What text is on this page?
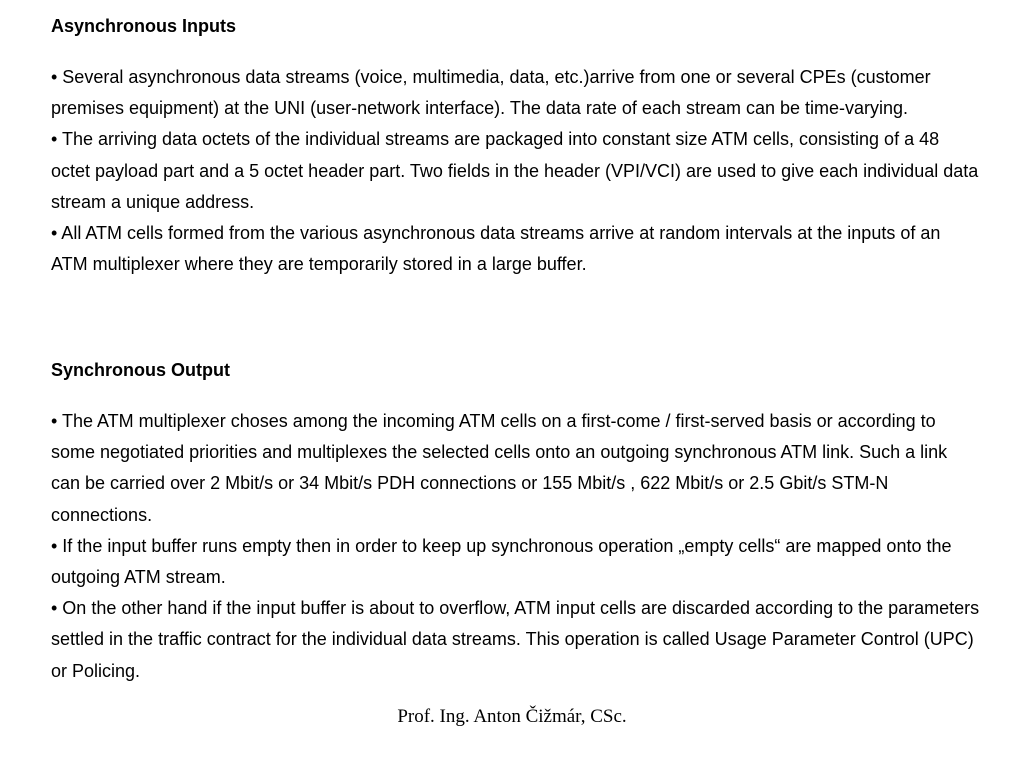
Asynchronous Inputs

• Several asynchronous data streams (voice, multimedia, data, etc.)arrive from one or several CPEs (customer premises equipment) at the UNI (user-network interface). The data rate of each stream can be time-varying.

• The arriving data octets of the individual streams are packaged into constant size ATM cells, consisting of a 48 octet payload part and a 5 octet header part. Two fields in the header (VPI/VCI) are used to give each individual data stream a unique address.

• All ATM cells formed from the various asynchronous data streams arrive at random intervals at the inputs of an ATM multiplexer where they are temporarily stored in a large buffer.

Synchronous Output

• The ATM multiplexer choses among the incoming ATM cells on a first-come / first-served basis or according to some negotiated priorities and multiplexes the selected cells onto an outgoing synchronous ATM link. Such a link can be carried over 2 Mbit/s or 34 Mbit/s PDH connections or 155 Mbit/s , 622 Mbit/s or 2.5 Gbit/s STM-N connections.

• If the input buffer runs empty then in order to keep up synchronous operation „empty cells“ are mapped onto the outgoing ATM stream.

• On the other hand if the input buffer is about to overflow, ATM input cells are discarded according to the parameters settled in the traffic contract for the individual data streams. This operation is called Usage Parameter Control (UPC) or Policing.

Prof. Ing. Anton Čižmár, CSc.
